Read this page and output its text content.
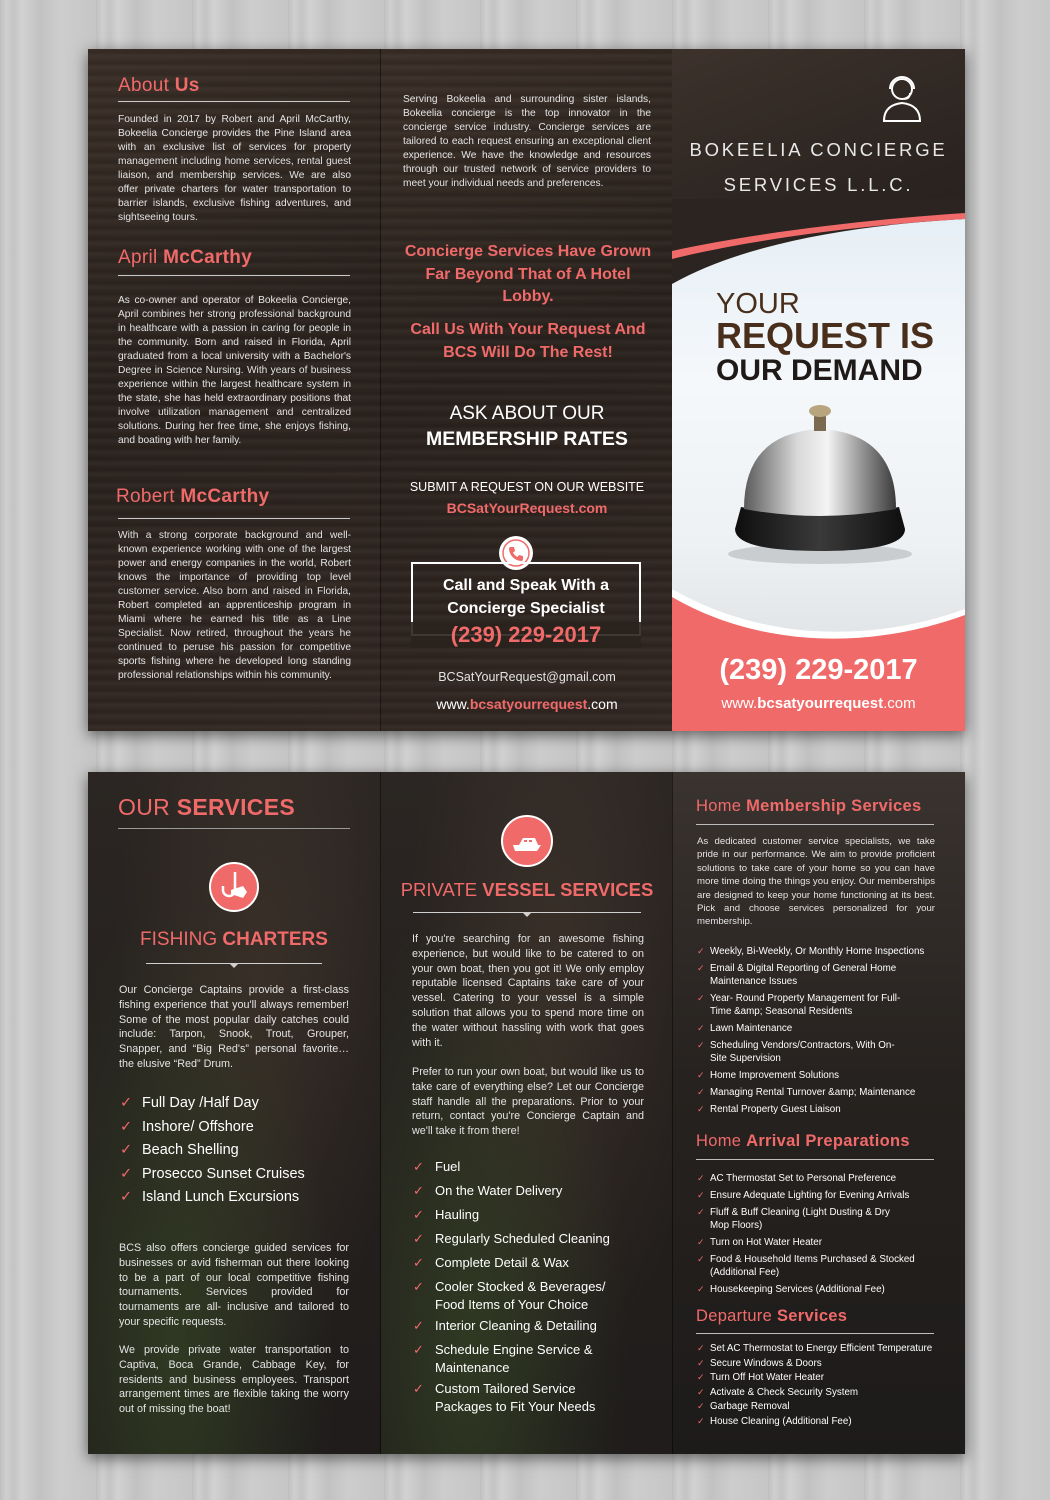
About Us
Founded in 2017 by Robert and April McCarthy, Bokeelia Concierge provides the Pine Island area with an exclusive list of services for property management including home services, rental guest liaison, and membership services. We are also offer private charters for water transportation to barrier islands, exclusive fishing adventures, and sightseeing tours.
April McCarthy
As co-owner and operator of Bokeelia Concierge, April combines her strong professional background in healthcare with a passion in caring for people in the community. Born and raised in Florida, April graduated from a local university with a Bachelor's Degree in Science Nursing. With years of business experience within the largest healthcare system in the state, she has held extraordinary positions that involve utilization management and centralized solutions. During her free time, she enjoys fishing, and boating with her family.
Robert McCarthy
With a strong corporate background and well-known experience working with one of the largest power and energy companies in the world, Robert knows the importance of providing top level customer service. Also born and raised in Florida, Robert completed an apprenticeship program in Miami where he earned his title as a Line Specialist. Now retired, throughout the years he continued to peruse his passion for competitive sports fishing where he developed long standing professional relationships within his community.
Serving Bokeelia and surrounding sister islands, Bokeelia concierge is the top innovator in the concierge service industry. Concierge services are tailored to each request ensuring an exceptional client experience. We have the knowledge and resources through our trusted network of service providers to meet your individual needs and preferences.
Concierge Services Have Grown Far Beyond That of A Hotel Lobby.
Call Us With Your Request And BCS Will Do The Rest!
ASK ABOUT OUR
MEMBERSHIP RATES
SUBMIT A REQUEST ON OUR WEBSITE
BCSatYourRequest.com
Call and Speak With a Concierge Specialist
(239) 229-2017
BCSatYourRequest@gmail.com
www.bcsatyourrequest.com
BOKEELIA CONCIERGE
SERVICES L.L.C.
YOUR
REQUEST IS
OUR DEMAND
(239) 229-2017
www.bcsatyourrequest.com
OUR SERVICES
FISHING CHARTERS
Our Concierge Captains provide a first-class fishing experience that you'll always remember! Some of the most popular daily catches could include: Tarpon, Snook, Trout, Grouper, Snapper, and “Big Red's” personal favorite… the elusive “Red” Drum.
✓ Full Day /Half Day
✓ Inshore/ Offshore
✓ Beach Shelling
✓ Prosecco Sunset Cruises
✓ Island Lunch Excursions
BCS also offers concierge guided services for businesses or avid fisherman out there looking to be a part of our local competitive fishing tournaments. Services provided for tournaments are all- inclusive and tailored to your specific requests.
We provide private water transportation to Captiva, Boca Grande, Cabbage Key, for residents and business employees. Transport arrangement times are flexible taking the worry out of missing the boat!
PRIVATE VESSEL SERVICES
If you're searching for an awesome fishing experience, but would like to be catered to on your own boat, then you got it! We only employ reputable licensed Captains take care of your vessel. Catering to your vessel is a simple solution that allows you to spend more time on the water without hassling with work that goes with it.
Prefer to run your own boat, but would like us to take care of everything else? Let our Concierge staff handle all the preparations. Prior to your return, contact you're Concierge Captain and we'll take it from there!
✓ Fuel
✓ On the Water Delivery
✓ Hauling
✓ Regularly Scheduled Cleaning
✓ Complete Detail & Wax
✓ Cooler Stocked & Beverages/ Food Items of Your Choice
✓ Interior Cleaning & Detailing
✓ Schedule Engine Service & Maintenance
✓ Custom Tailored Service Packages to Fit Your Needs
Home Membership Services
As dedicated customer service specialists, we take pride in our performance. We aim to provide proficient solutions to take care of your home so you can have more time doing the things you enjoy. Our memberships are designed to keep your home functioning at its best. Pick and choose services personalized for your membership.
✓ Weekly, Bi-Weekly, Or Monthly Home Inspections
✓ Email & Digital Reporting of General Home Maintenance Issues
✓ Year- Round Property Management for Full-Time &amp; Seasonal Residents
✓ Lawn Maintenance
✓ Scheduling Vendors/Contractors, With On-Site Supervision
✓ Home Improvement Solutions
✓ Managing Rental Turnover &amp; Maintenance
✓ Rental Property Guest Liaison
Home Arrival Preparations
✓ AC Thermostat Set to Personal Preference
✓ Ensure Adequate Lighting for Evening Arrivals
✓ Fluff & Buff Cleaning (Light Dusting & Dry Mop Floors)
✓ Turn on Hot Water Heater
✓ Food & Household Items Purchased & Stocked (Additional Fee)
✓ Housekeeping Services (Additional Fee)
Departure Services
✓ Set AC Thermostat to Energy Efficient Temperature
✓ Secure Windows & Doors
✓ Turn Off Hot Water Heater
✓ Activate & Check Security System
✓ Garbage Removal
✓ House Cleaning (Additional Fee)
